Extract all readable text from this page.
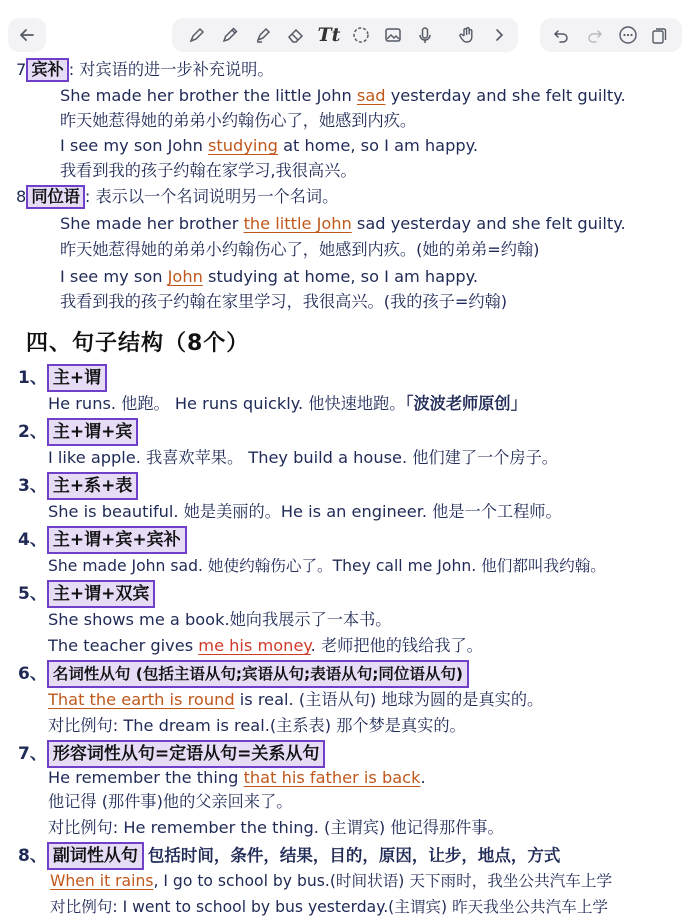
Tt
7 宾补 : 对宾语的进一步补充说明。
She made her brother the little John sad yesterday and she felt guilty.
昨天她惹得她的弟弟小约翰伤心了，她感到内疚。
I see my son John studying at home, so I am happy.
我看到我的孩子约翰在家学习,我很高兴。
8 同位语 : 表示以一个名词说明另一个名词。
She made her brother the little John sad yesterday and she felt guilty.
昨天她惹得她的弟弟小约翰伤心了，她感到内疚。(她的弟弟=约翰)
I see my son John studying at home, so I am happy.
我看到我的孩子约翰在家里学习，我很高兴。(我的孩子=约翰)
四、句子结构（8个）
1、 主+谓
He runs. 他跑。 He runs quickly. 他快速地跑。「波波老师原创」
2、 主+谓+宾
I like apple. 我喜欢苹果。 They build a house. 他们建了一个房子。
3、 主+系+表
She is beautiful. 她是美丽的。He is an engineer. 他是一个工程师。
4、 主+谓+宾+宾补
She made John sad. 她使约翰伤心了。They call me John. 他们都叫我约翰。
5、 主+谓+双宾
She shows me a book.她向我展示了一本书。
The teacher gives me his money. 老师把他的钱给我了。
6、 名词性从句 (包括主语从句;宾语从句;表语从句;同位语从句)
That the earth is round is real. (主语从句) 地球为圆的是真实的。
对比例句: The dream is real.(主系表) 那个梦是真实的。
7、 形容词性从句=定语从句=关系从句
He remember the thing that his father is back.
他记得 (那件事)他的父亲回来了。
对比例句: He remember the thing. (主谓宾) 他记得那件事。
8、 副词性从句 包括时间，条件，结果，目的，原因，让步，地点，方式
When it rains, I go to school by bus.(时间状语) 天下雨时，我坐公共汽车上学
对比例句: I went to school by bus yesterday.(主谓宾) 昨天我坐公共汽车上学
